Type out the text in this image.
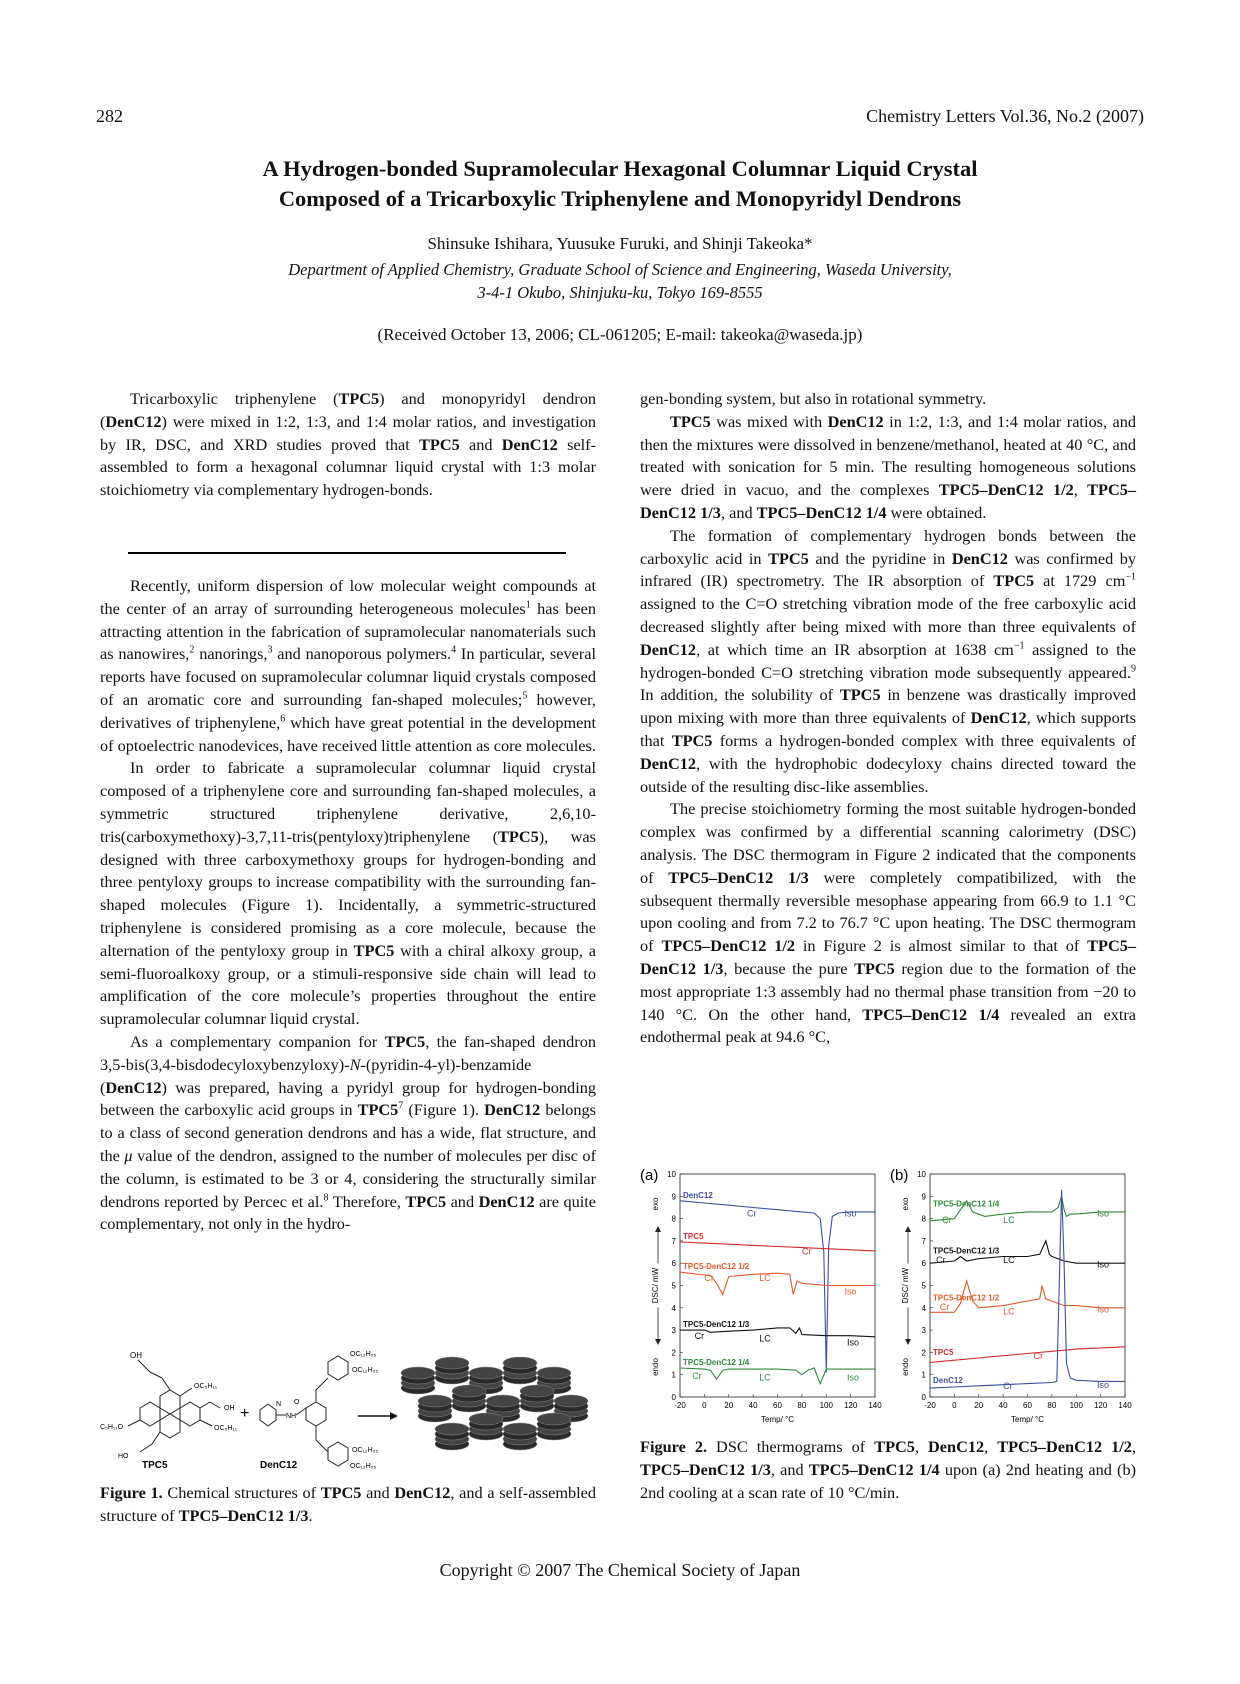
282	Chemistry Letters Vol.36, No.2 (2007)
A Hydrogen-bonded Supramolecular Hexagonal Columnar Liquid Crystal
Composed of a Tricarboxylic Triphenylene and Monopyridyl Dendrons
Shinsuke Ishihara, Yuusuke Furuki, and Shinji Takeoka*
Department of Applied Chemistry, Graduate School of Science and Engineering, Waseda University,
3-4-1 Okubo, Shinjuku-ku, Tokyo 169-8555
(Received October 13, 2006; CL-061205; E-mail: takeoka@waseda.jp)

Tricarboxylic triphenylene (TPC5) and monopyridyl dendron (DenC12) were mixed in 1:2, 1:3, and 1:4 molar ratios, and investigation by IR, DSC, and XRD studies proved that TPC5 and DenC12 self-assembled to form a hexagonal columnar liquid crystal with 1:3 molar stoichiometry via complementary hydrogen-bonds.

Recently, uniform dispersion of low molecular weight compounds at the center of an array of surrounding heterogeneous molecules$^1$ has been attracting attention in the fabrication of supramolecular nanomaterials such as nanowires,$^2$ nanorings,$^3$ and nanoporous polymers.$^4$ In particular, several reports have focused on supramolecular columnar liquid crystals composed of an aromatic core and surrounding fan-shaped molecules;$^5$ however, derivatives of triphenylene,$^6$ which have great potential in the development of optoelectric nanodevices, have received little attention as core molecules.

In order to fabricate a supramolecular columnar liquid crystal composed of a triphenylene core and surrounding fan-shaped molecules, a symmetric structured triphenylene derivative, 2,6,10-tris(carboxymethoxy)-3,7,11-tris(pentyloxy)triphenylene (TPC5), was designed with three carboxymethoxy groups for hydrogen-bonding and three pentyloxy groups to increase compatibility with the surrounding fan-shaped molecules (Figure 1). Incidentally, a symmetric-structured triphenylene is considered promising as a core molecule, because the alternation of the pentyloxy group in TPC5 with a chiral alkoxy group, a semi-fluoroalkoxy group, or a stimuli-responsive side chain will lead to amplification of the core molecule’s properties throughout the entire supramolecular columnar liquid crystal.

As a complementary companion for TPC5, the fan-shaped dendron 3,5-bis(3,4-bisdodecyloxybenzyloxy)-N-(pyridin-4-yl)-benzamide (DenC12) was prepared, having a pyridyl group for hydrogen-bonding between the carboxylic acid groups in $TPC5^7$ (Figure 1). DenC12 belongs to a class of second generation dendrons and has a wide, flat structure, and the μ value of the dendron, assigned to the number of molecules per disc of the column, is estimated to be 3 or 4, considering the structurally similar dendrons reported by Percec et al.$^8$ Therefore, TPC5 and DenC12 are quite complementary, not only in the hydro-

OH
OC₅H₁₁
OC₅H₁₁
C₅H₁₁O
HO
OH
TPC5
+
N
NH
O
OC₁₂H₂₅
OC₁₂H₂₅
OC₁₂H₂₅
OC₁₂H₂₅
DenC12
Figure 1. Chemical structures of TPC5 and DenC12, and a self-assembled structure of TPC5–DenC12 1/3.

gen-bonding system, but also in rotational symmetry.

TPC5 was mixed with DenC12 in 1:2, 1:3, and 1:4 molar ratios, and then the mixtures were dissolved in benzene/methanol, heated at 40 °C, and treated with sonication for 5 min. The resulting homogeneous solutions were dried in vacuo, and the complexes TPC5–DenC12 1/2, TPC5–DenC12 1/3, and TPC5–DenC12 1/4 were obtained.

The formation of complementary hydrogen bonds between the carboxylic acid in TPC5 and the pyridine in DenC12 was confirmed by infrared (IR) spectrometry. The IR absorption of TPC5 at 1729 $cm^{-1}$ assigned to the C=O stretching vibration mode of the free carboxylic acid decreased slightly after being mixed with more than three equivalents of DenC12, at which time an IR absorption at 1638 $cm^{-1}$ assigned to the hydrogen-bonded C=O stretching vibration mode subsequently appeared.$^9$ In addition, the solubility of TPC5 in benzene was drastically improved upon mixing with more than three equivalents of DenC12, which supports that TPC5 forms a hydrogen-bonded complex with three equivalents of DenC12, with the hydrophobic dodecyloxy chains directed toward the outside of the resulting disc-like assemblies.

The precise stoichiometry forming the most suitable hydrogen-bonded complex was confirmed by a differential scanning calorimetry (DSC) analysis. The DSC thermogram in Figure 2 indicated that the components of TPC5–DenC12 1/3 were completely compatibilized, with the subsequent thermally reversible mesophase appearing from 66.9 to 1.1 °C upon cooling and from 7.2 to 76.7 °C upon heating. The DSC thermogram of TPC5–DenC12 1/2 in Figure 2 is almost similar to that of TPC5–DenC12 1/3, because the pure TPC5 region due to the formation of the most appropriate 1:3 assembly had no thermal phase transition from −20 to 140 °C. On the other hand, TPC5–DenC12 1/4 revealed an extra endothermal peak at 94.6 °C,

(a)
-20 0 20 40 60 80 100 120 140
0
1
2
3
4
5
6
7
8
9
10
Temp/ °C
DSC/ mW
exo
endo
DenC12
Cr	Iso
TPC5
Cr
TPC5-DenC12 1/2
Cr	LC
Iso
TPC5-DenC12 1/3
Cr	LC	Iso
TPC5-DenC12 1/4
Cr	LC	Iso
(b)
-20 0 20 40 60 80 100 120 140
0
1
2
3
4
5
6
7
8
9
10
Temp/ °C
DSC/ mW
exo
endo
TPC5-DenC12 1/4
Cr	LC
Iso
TPC5-DenC12 1/3
Cr	LC	Iso
TPC5-DenC12 1/2
Cr	LC	Iso
TPC5	Cr
DenC12
Cr	Iso
Figure 2. DSC thermograms of TPC5, DenC12, TPC5–DenC12 1/2, TPC5–DenC12 1/3, and TPC5–DenC12 1/4 upon (a) 2nd heating and (b) 2nd cooling at a scan rate of 10 °C/min.
Copyright © 2007 The Chemical Society of Japan
